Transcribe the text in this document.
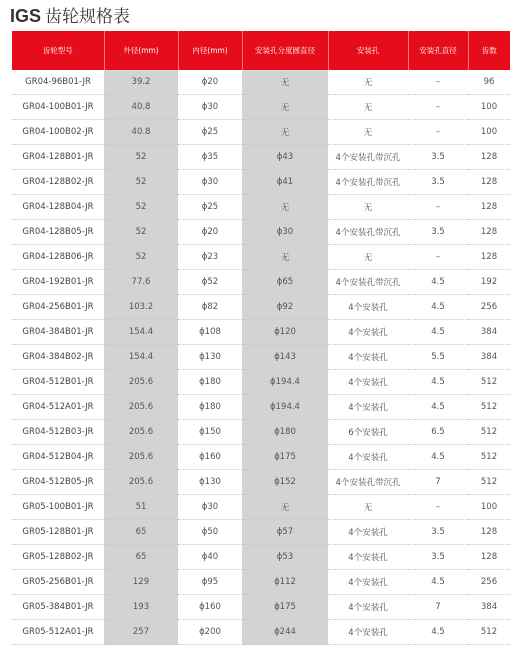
IGS 齿轮规格表
齿轮型号	外径(mm)	内径(mm)	安装孔分度圆直径	安装孔	安装孔直径	齿数
GR04-96B01-JR	39.2	ɸ20	无	无	–	96
GR04-100B01-JR	40.8	ɸ30	无	无	–	100
GR04-100B02-JR	40.8	ɸ25	无	无	–	100
GR04-128B01-JR	52	ɸ35	ɸ43	4个安装孔带沉孔	3.5	128
GR04-128B02-JR	52	ɸ30	ɸ41	4个安装孔带沉孔	3.5	128
GR04-128B04-JR	52	ɸ25	无	无	–	128
GR04-128B05-JR	52	ɸ20	ɸ30	4个安装孔带沉孔	3.5	128
GR04-128B06-JR	52	ɸ23	无	无	–	128
GR04-192B01-JR	77.6	ɸ52	ɸ65	4个安装孔带沉孔	4.5	192
GR04-256B01-JR	103.2	ɸ82	ɸ92	4个安装孔	4.5	256
GR04-384B01-JR	154.4	ɸ108	ɸ120	4个安装孔	4.5	384
GR04-384B02-JR	154.4	ɸ130	ɸ143	4个安装孔	5.5	384
GR04-512B01-JR	205.6	ɸ180	ɸ194.4	4个安装孔	4.5	512
GR04-512A01-JR	205.6	ɸ180	ɸ194.4	4个安装孔	4.5	512
GR04-512B03-JR	205.6	ɸ150	ɸ180	6个安装孔	6.5	512
GR04-512B04-JR	205.6	ɸ160	ɸ175	4个安装孔	4.5	512
GR04-512B05-JR	205.6	ɸ130	ɸ152	4个安装孔带沉孔	7	512
GR05-100B01-JR	51	ɸ30	无	无	–	100
GR05-128B01-JR	65	ɸ50	ɸ57	4个安装孔	3.5	128
GR05-128B02-JR	65	ɸ40	ɸ53	4个安装孔	3.5	128
GR05-256B01-JR	129	ɸ95	ɸ112	4个安装孔	4.5	256
GR05-384B01-JR	193	ɸ160	ɸ175	4个安装孔	7	384
GR05-512A01-JR	257	ɸ200	ɸ244	4个安装孔	4.5	512
